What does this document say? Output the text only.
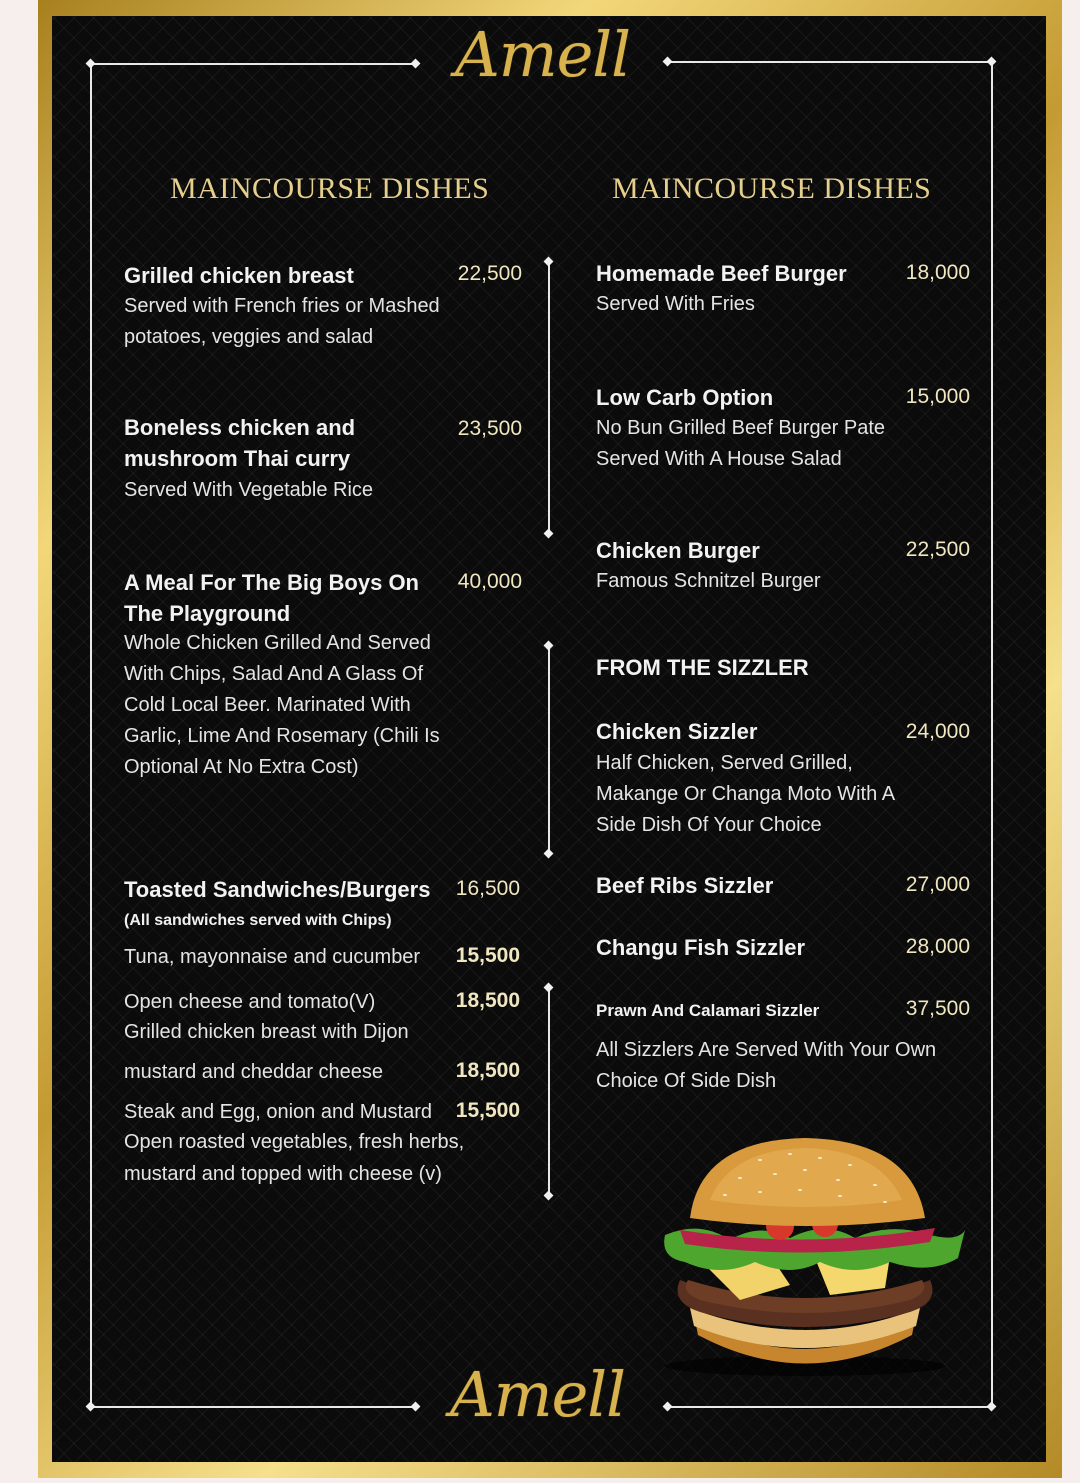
Amell
Amell
MAINCOURSE DISHES
Grilled chicken breast	22,500
Served with French fries or Mashed potatoes, veggies and salad
Boneless chicken and mushroom Thai curry
23,500
Served With Vegetable Rice
A Meal For The Big Boys On The Playground
40,000
Whole Chicken Grilled And Served With Chips, Salad And A Glass Of Cold Local Beer. Marinated With Garlic, Lime And Rosemary (Chili Is Optional At No Extra Cost)
Toasted Sandwiches/Burgers	16,500
(All sandwiches served with Chips)
Tuna, mayonnaise and cucumber	15,500
Open cheese and tomato(V)	18,500
Grilled chicken breast with Dijon
mustard and cheddar cheese	18,500
Steak and Egg, onion and Mustard	15,500
Open roasted vegetables, fresh herbs,
mustard and topped with cheese (v)
MAINCOURSE DISHES
Homemade Beef Burger	18,000
Served With Fries
Low Carb Option	15,000
No Bun Grilled Beef Burger Pate Served With A House Salad
Chicken Burger	22,500
Famous Schnitzel Burger
FROM THE SIZZLER
Chicken Sizzler	24,000
Half Chicken, Served Grilled, Makange Or Changa Moto With A Side Dish Of Your Choice
Beef Ribs Sizzler	27,000
Changu Fish Sizzler	28,000
Prawn And Calamari Sizzler	37,500
All Sizzlers Are Served With Your Own Choice Of Side Dish
